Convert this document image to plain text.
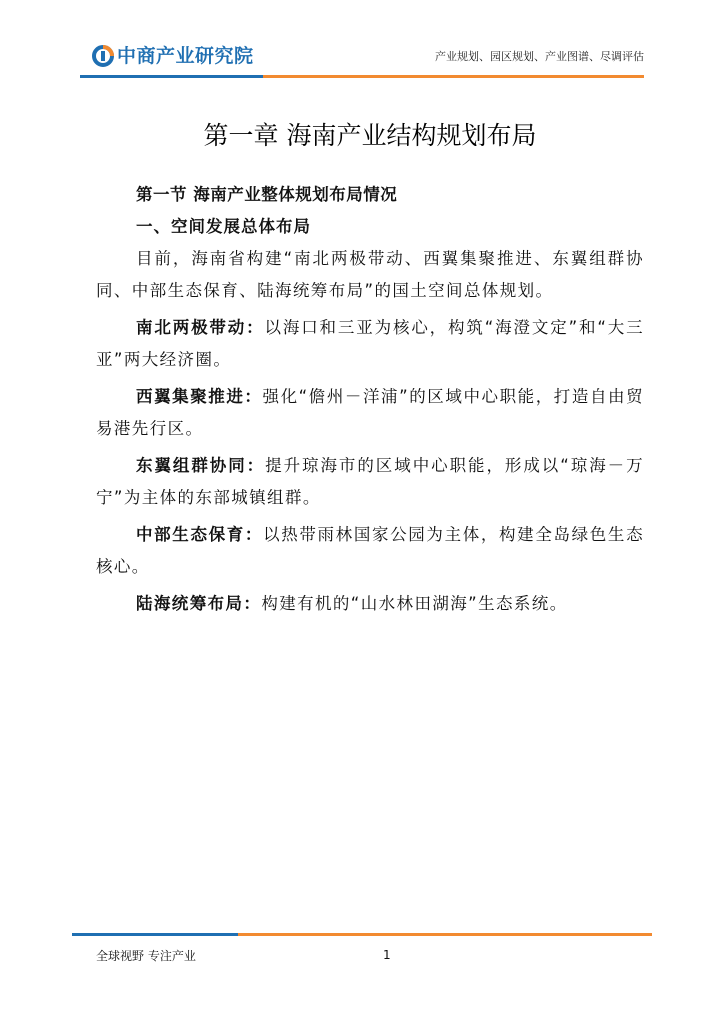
中商产业研究院	产业规划、园区规划、产业图谱、尽调评估
第一章 海南产业结构规划布局
第一节 海南产业整体规划布局情况
一、空间发展总体布局

目前，海南省构建“南北两极带动、西翼集聚推进、东翼组群协同、中部生态保育、陆海统筹布局”的国土空间总体规划。

南北两极带动：以海口和三亚为核心，构筑“海澄文定”和“大三亚”两大经济圈。

西翼集聚推进：强化“儋州－洋浦”的区域中心职能，打造自由贸易港先行区。

东翼组群协同：提升琼海市的区域中心职能，形成以“琼海－万宁”为主体的东部城镇组群。

中部生态保育：以热带雨林国家公园为主体，构建全岛绿色生态核心。

陆海统筹布局：构建有机的“山水林田湖海”生态系统。

全球视野 专注产业	1
